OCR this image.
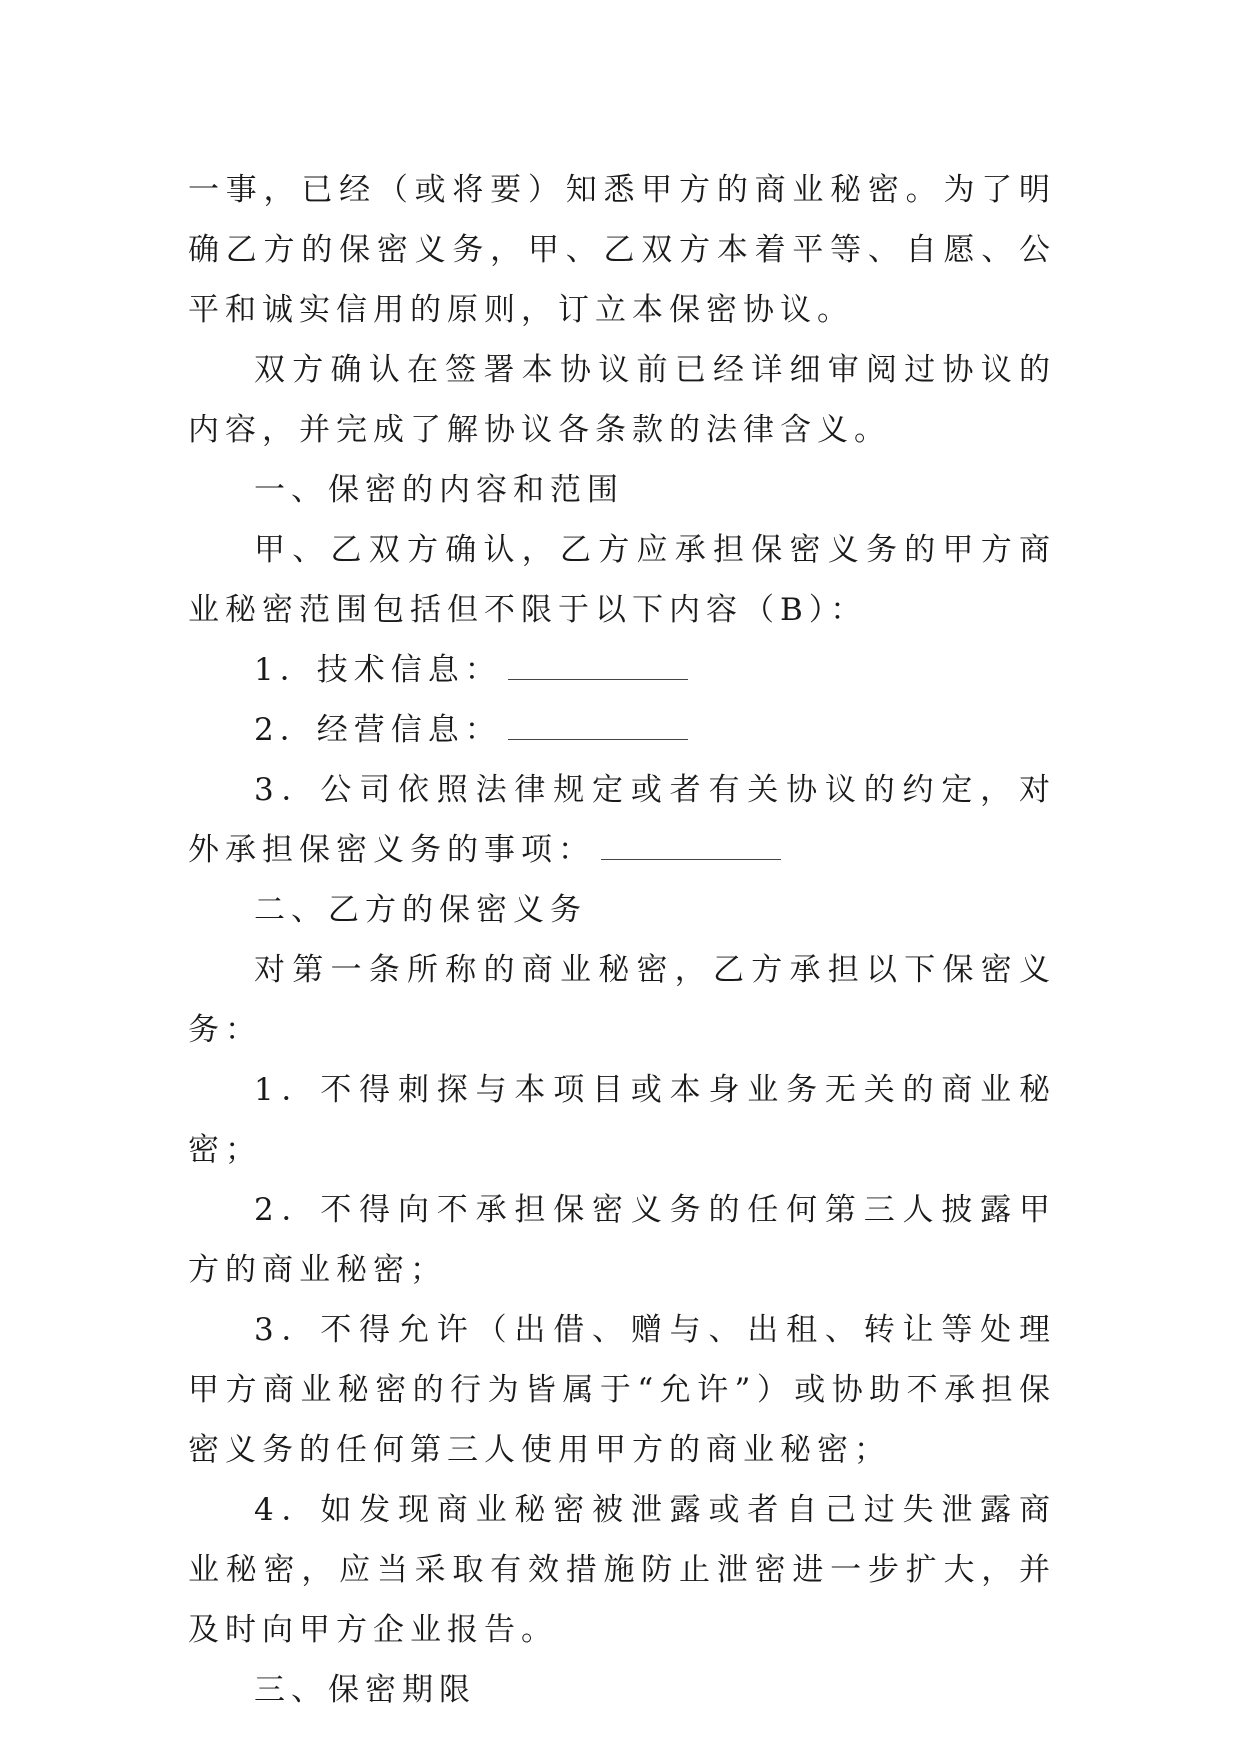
一事，已经（或将要）知悉甲方的商业秘密。为了明确乙方的保密义务，甲、乙双方本着平等、自愿、公平和诚实信用的原则，订立本保密协议。

双方确认在签署本协议前已经详细审阅过协议的内容，并完成了解协议各条款的法律含义。

一、保密的内容和范围

甲、乙双方确认，乙方应承担保密义务的甲方商业秘密范围包括但不限于以下内容（B）：

1．技术信息：

2．经营信息：

3．公司依照法律规定或者有关协议的约定，对外承担保密义务的事项：

二、乙方的保密义务

对第一条所称的商业秘密，乙方承担以下保密义务：

1．不得刺探与本项目或本身业务无关的商业秘密；

2．不得向不承担保密义务的任何第三人披露甲方的商业秘密；

3．不得允许（出借、赠与、出租、转让等处理甲方商业秘密的行为皆属于“允许”）或协助不承担保密义务的任何第三人使用甲方的商业秘密；

4．如发现商业秘密被泄露或者自己过失泄露商业秘密，应当采取有效措施防止泄密进一步扩大，并及时向甲方企业报告。

三、保密期限
